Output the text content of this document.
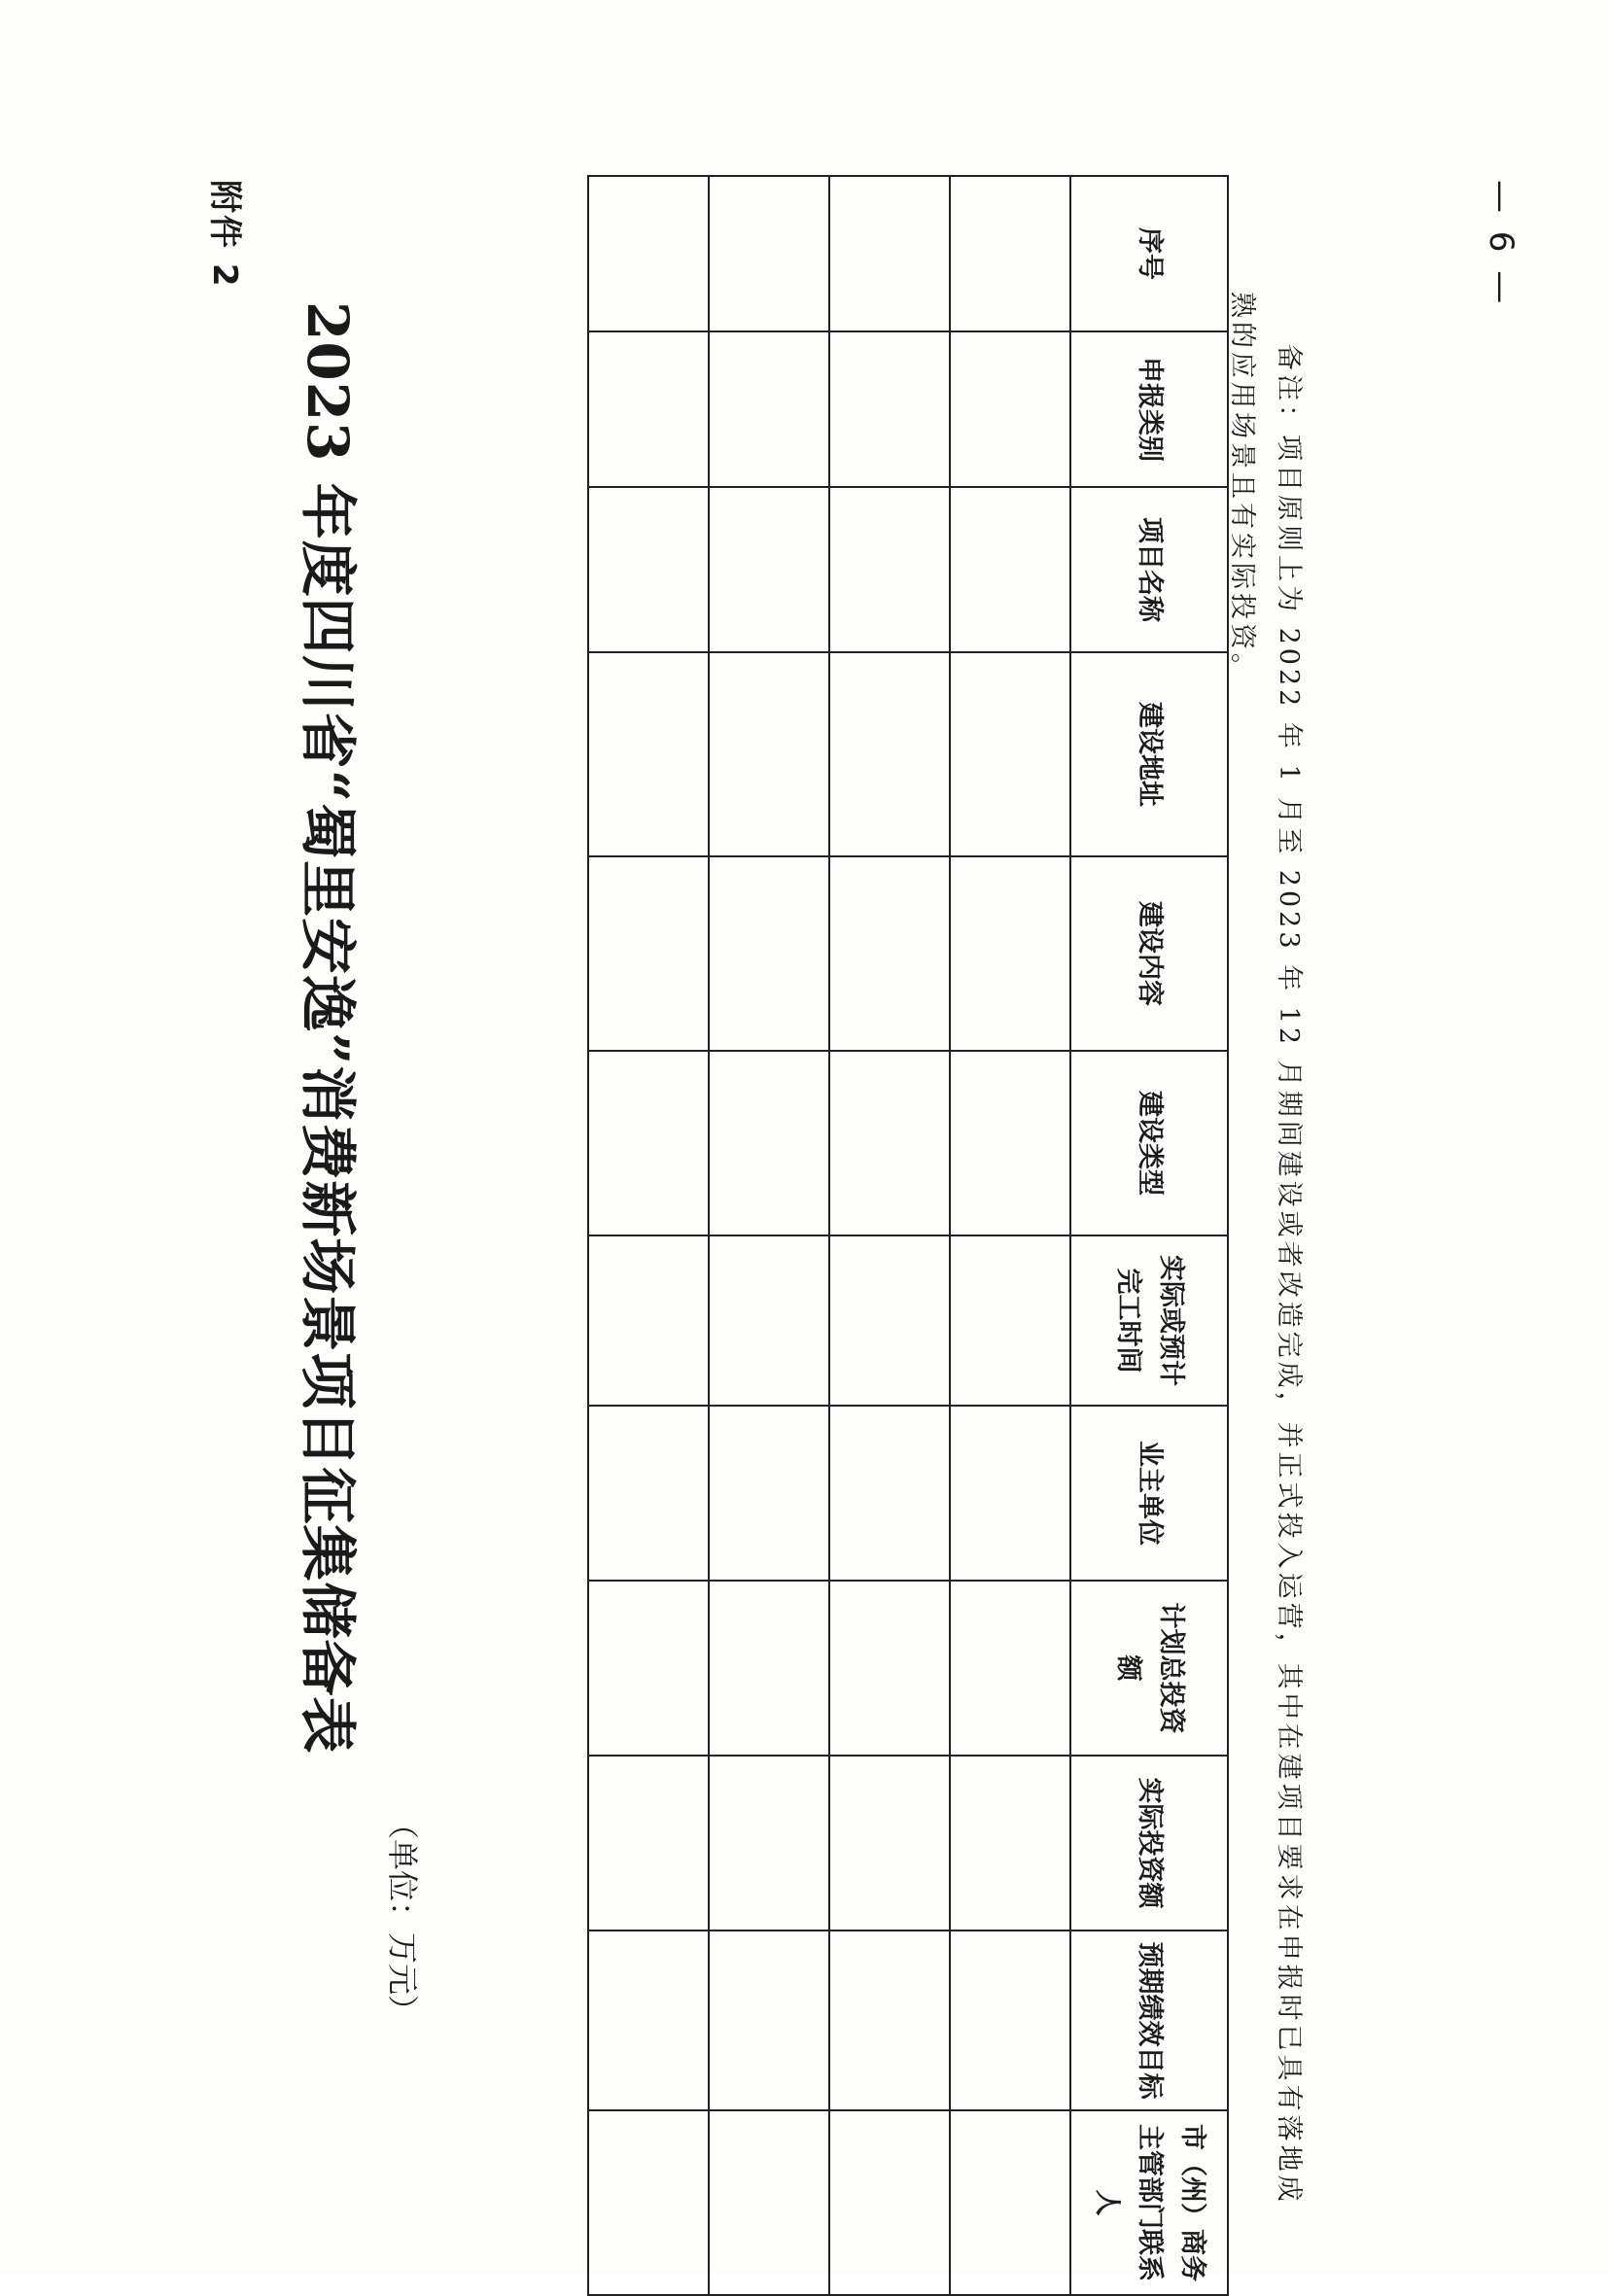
附件 2	— 6 —
2023 年度四川省“蜀里安逸”消费新场景项目征集储备表
（单位：万元）
序号	申报类别	项目名称	建设地址	建设内容	建设类型	实际或预计完工时间	业主单位	计划总投资额	实际投资额	预期绩效目标	市（州）商务主管部门联系人

												备注：项目原则上为 2022 年 1 月至 2023 年 12 月期间建设或者改造完成，并正式投入运营，其中在建项目要求在申报时已具有落地成熟的应用场景且有实际投资。
